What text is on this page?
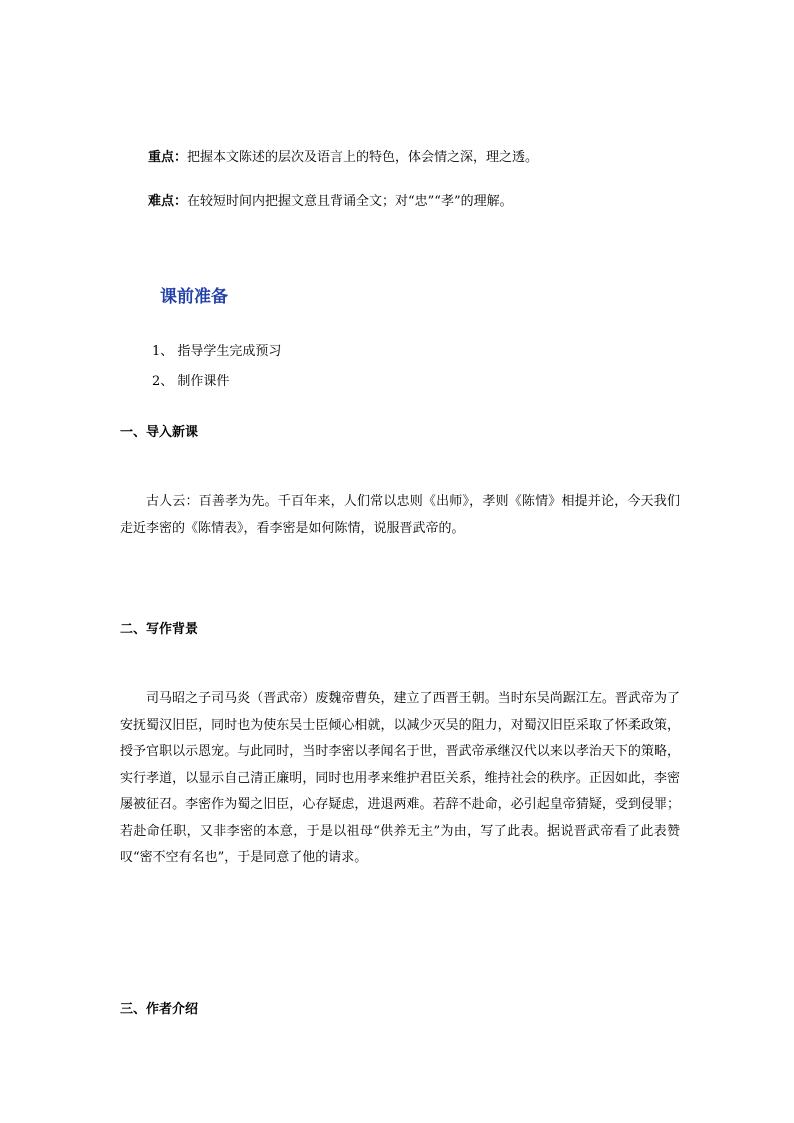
重点：把握本文陈述的层次及语言上的特色，体会情之深，理之透。
难点：在较短时间内把握文意且背诵全文；对“忠”“孝”的理解。
课前准备
1、 指导学生完成预习
2、 制作课件
一、导入新课
古人云：百善孝为先。千百年来，人们常以忠则《出师》，孝则《陈情》相提并论，今天我们走近李密的《陈情表》，看李密是如何陈情，说服晋武帝的。
二、写作背景
司马昭之子司马炎（晋武帝）废魏帝曹奂，建立了西晋王朝。当时东吴尚踞江左。晋武帝为了安抚蜀汉旧臣，同时也为使东吴士臣倾心相就，以减少灭吴的阻力，对蜀汉旧臣采取了怀柔政策，授予官职以示恩宠。与此同时，当时李密以孝闻名于世，晋武帝承继汉代以来以孝治天下的策略，实行孝道，以显示自己清正廉明，同时也用孝来维护君臣关系，维持社会的秩序。正因如此，李密屡被征召。李密作为蜀之旧臣，心存疑虑，进退两难。若辞不赴命，必引起皇帝猜疑，受到侵罪；若赴命任职，又非李密的本意，于是以祖母“供养无主”为由，写了此表。据说晋武帝看了此表赞叹“密不空有名也”，于是同意了他的请求。
三、作者介绍
